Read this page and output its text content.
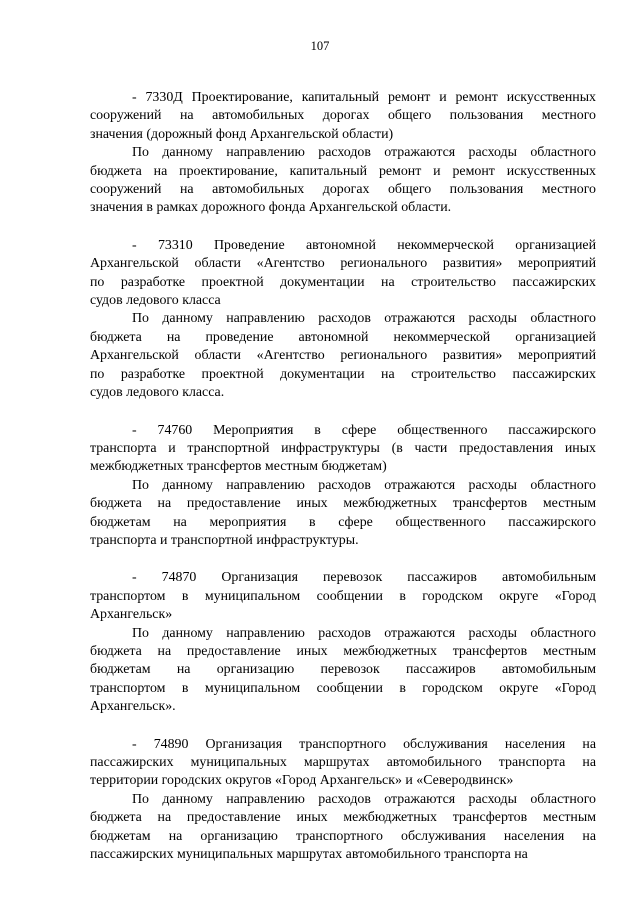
107
- 7330Д Проектирование, капитальный ремонт и ремонт искусственных
сооружений на автомобильных дорогах общего пользования местного
значения (дорожный фонд Архангельской области)
По данному направлению расходов отражаются расходы областного
бюджета на проектирование, капитальный ремонт и ремонт искусственных
сооружений на автомобильных дорогах общего пользования местного
значения в рамках дорожного фонда Архангельской области.
- 73310 Проведение автономной некоммерческой организацией
Архангельской области «Агентство регионального развития» мероприятий
по разработке проектной документации на строительство пассажирских
судов ледового класса
По данному направлению расходов отражаются расходы областного
бюджета на проведение автономной некоммерческой организацией
Архангельской области «Агентство регионального развития» мероприятий
по разработке проектной документации на строительство пассажирских
судов ледового класса.
- 74760 Мероприятия в сфере общественного пассажирского
транспорта и транспортной инфраструктуры (в части предоставления иных
межбюджетных трансфертов местным бюджетам)
По данному направлению расходов отражаются расходы областного
бюджета на предоставление иных межбюджетных трансфертов местным
бюджетам на мероприятия в сфере общественного пассажирского
транспорта и транспортной инфраструктуры.
- 74870 Организация перевозок пассажиров автомобильным
транспортом в муниципальном сообщении в городском округе «Город
Архангельск»
По данному направлению расходов отражаются расходы областного
бюджета на предоставление иных межбюджетных трансфертов местным
бюджетам на организацию перевозок пассажиров автомобильным
транспортом в муниципальном сообщении в городском округе «Город
Архангельск».
- 74890 Организация транспортного обслуживания населения на
пассажирских муниципальных маршрутах автомобильного транспорта на
территории городских округов «Город Архангельск» и «Северодвинск»
По данному направлению расходов отражаются расходы областного
бюджета на предоставление иных межбюджетных трансфертов местным
бюджетам на организацию транспортного обслуживания населения на
пассажирских муниципальных маршрутах автомобильного транспорта на
